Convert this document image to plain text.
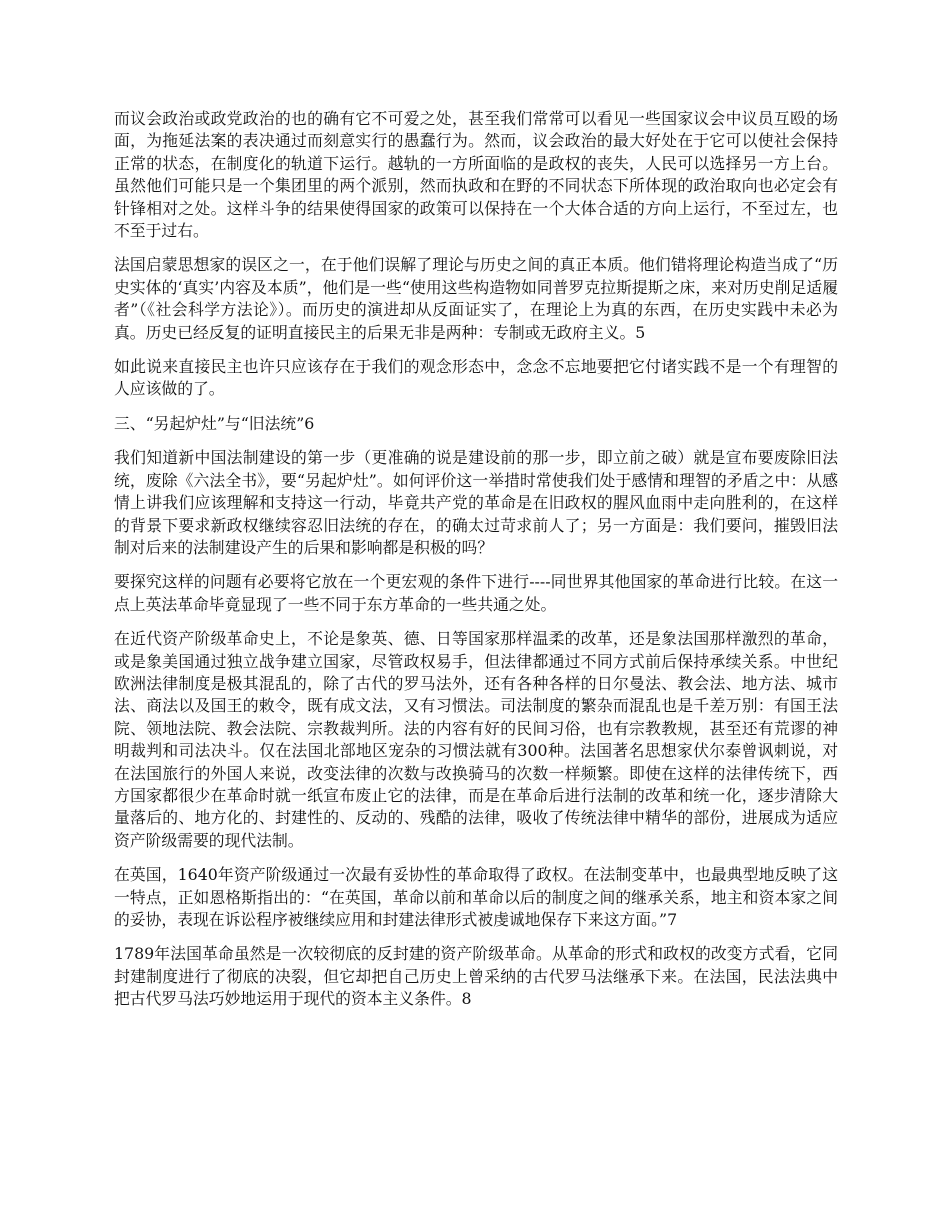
而议会政治或政党政治的也的确有它不可爱之处，甚至我们常常可以看见一些国家议会中议员互殴的场面，为拖延法案的表决通过而刻意实行的愚蠢行为。然而，议会政治的最大好处在于它可以使社会保持正常的状态，在制度化的轨道下运行。越轨的一方所面临的是政权的丧失，人民可以选择另一方上台。虽然他们可能只是一个集团里的两个派别，然而执政和在野的不同状态下所体现的政治取向也必定会有针锋相对之处。这样斗争的结果使得国家的政策可以保持在一个大体合适的方向上运行，不至过左，也不至于过右。

法国启蒙思想家的误区之一，在于他们误解了理论与历史之间的真正本质。他们错将理论构造当成了“历史实体的‘真实’内容及本质”，他们是一些“使用这些构造物如同普罗克拉斯提斯之床，来对历史削足适履者”（《社会科学方法论》）。而历史的演进却从反面证实了，在理论上为真的东西，在历史实践中未必为真。历史已经反复的证明直接民主的后果无非是两种：专制或无政府主义。5

如此说来直接民主也许只应该存在于我们的观念形态中，念念不忘地要把它付诸实践不是一个有理智的人应该做的了。

三、“另起炉灶”与“旧法统”6

我们知道新中国法制建设的第一步（更准确的说是建设前的那一步，即立前之破）就是宣布要废除旧法统，废除《六法全书》，要“另起炉灶”。如何评价这一举措时常使我们处于感情和理智的矛盾之中：从感情上讲我们应该理解和支持这一行动，毕竟共产党的革命是在旧政权的腥风血雨中走向胜利的，在这样的背景下要求新政权继续容忍旧法统的存在，的确太过苛求前人了；另一方面是：我们要问，摧毁旧法制对后来的法制建设产生的后果和影响都是积极的吗？

要探究这样的问题有必要将它放在一个更宏观的条件下进行----同世界其他国家的革命进行比较。在这一点上英法革命毕竟显现了一些不同于东方革命的一些共通之处。

在近代资产阶级革命史上，不论是象英、德、日等国家那样温柔的改革，还是象法国那样激烈的革命，或是象美国通过独立战争建立国家，尽管政权易手，但法律都通过不同方式前后保持承续关系。中世纪欧洲法律制度是极其混乱的，除了古代的罗马法外，还有各种各样的日尔曼法、教会法、地方法、城市法、商法以及国王的敕令，既有成文法，又有习惯法。司法制度的繁杂而混乱也是千差万别：有国王法院、领地法院、教会法院、宗教裁判所。法的内容有好的民间习俗，也有宗教教规，甚至还有荒谬的神明裁判和司法决斗。仅在法国北部地区宠杂的习惯法就有300种。法国著名思想家伏尔泰曾讽刺说，对在法国旅行的外国人来说，改变法律的次数与改换骑马的次数一样频繁。即使在这样的法律传统下，西方国家都很少在革命时就一纸宣布废止它的法律，而是在革命后进行法制的改革和统一化，逐步清除大量落后的、地方化的、封建性的、反动的、残酷的法律，吸收了传统法律中精华的部份，进展成为适应资产阶级需要的现代法制。

在英国，1640年资产阶级通过一次最有妥协性的革命取得了政权。在法制变革中，也最典型地反映了这一特点，正如恩格斯指出的：“在英国，革命以前和革命以后的制度之间的继承关系，地主和资本家之间的妥协，表现在诉讼程序被继续应用和封建法律形式被虔诚地保存下来这方面。”7

1789年法国革命虽然是一次较彻底的反封建的资产阶级革命。从革命的形式和政权的改变方式看，它同封建制度进行了彻底的决裂，但它却把自己历史上曾采纳的古代罗马法继承下来。在法国，民法法典中把古代罗马法巧妙地运用于现代的资本主义条件。8
